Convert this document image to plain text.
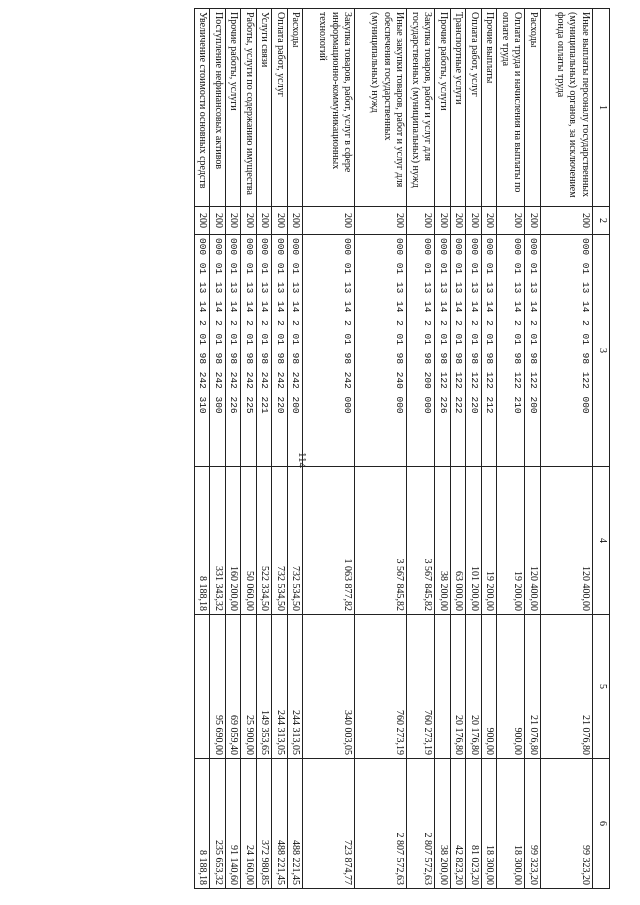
114
1	2	3	4	5	6
Иные выплаты персоналу государственных (муниципальных) органов, за исключением фонда оплаты труда	200	000 01 13 14 2 01 98 122 000	120 400,00	21 076,80	99 323,20
Расходы	200	000 01 13 14 2 01 98 122 200	120 400,00	21 076,80	99 323,20
Оплата труда и начисления на выплаты по оплате труда	200	000 01 13 14 2 01 98 122 210	19 200,00	900,00	18 300,00
Прочие выплаты	200	000 01 13 14 2 01 98 122 212	19 200,00	900,00	18 300,00
Оплата работ, услуг	200	000 01 13 14 2 01 98 122 220	101 200,00	20 176,80	81 023,20
Транспортные услуги	200	000 01 13 14 2 01 98 122 222	63 000,00	20 176,80	42 823,20
Прочие работы, услуги	200	000 01 13 14 2 01 98 122 226	38 200,00		38 200,00
Закупка товаров, работ и услуг для государственных (муниципальных) нужд	200	000 01 13 14 2 01 98 200 000	3 567 845,82	760 273,19	2 807 572,63
Иные закупки товаров, работ и услуг для обеспечения государственных (муниципальных) нужд	200	000 01 13 14 2 01 98 240 000	3 567 845,82	760 273,19	2 807 572,63
Закупка товаров, работ, услуг в сфере информационно-коммуникационных технологий	200	000 01 13 14 2 01 98 242 000	1 063 877,82	340 003,05	723 874,77
Расходы	200	000 01 13 14 2 01 98 242 200	732 534,50	244 313,05	488 221,45
Оплата работ, услуг	200	000 01 13 14 2 01 98 242 220	732 534,50	244 313,05	488 221,45
Услуги связи	200	000 01 13 14 2 01 98 242 221	522 334,50	149 353,65	372 980,85
Работы, услуги по содержанию имущества	200	000 01 13 14 2 01 98 242 225	50 060,00	25 900,00	24 160,00
Прочие работы, услуги	200	000 01 13 14 2 01 98 242 226	160 200,00	69 059,40	91 140,60
Поступление нефинансовых активов	200	000 01 13 14 2 01 98 242 300	331 343,32	95 690,00	235 653,32
Увеличение стоимости основных средств	200	000 01 13 14 2 01 98 242 310	8 188,18		8 188,18
